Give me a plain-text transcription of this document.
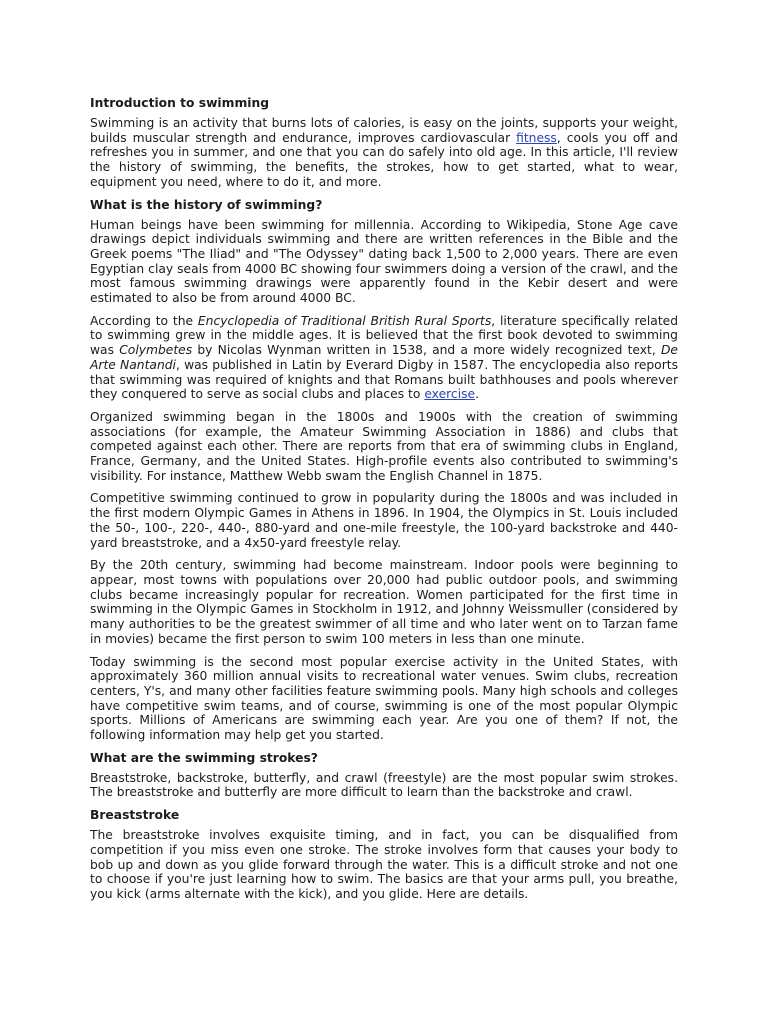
Introduction to swimming

Swimming is an activity that burns lots of calories, is easy on the joints, supports your weight, builds muscular strength and endurance, improves cardiovascular fitness, cools you off and refreshes you in summer, and one that you can do safely into old age. In this article, I'll review the history of swimming, the benefits, the strokes, how to get started, what to wear, equipment you need, where to do it, and more.

What is the history of swimming?

Human beings have been swimming for millennia. According to Wikipedia, Stone Age cave drawings depict individuals swimming and there are written references in the Bible and the Greek poems "The Iliad" and "The Odyssey" dating back 1,500 to 2,000 years. There are even Egyptian clay seals from 4000 BC showing four swimmers doing a version of the crawl, and the most famous swimming drawings were apparently found in the Kebir desert and were estimated to also be from around 4000 BC.

According to the Encyclopedia of Traditional British Rural Sports, literature specifically related to swimming grew in the middle ages. It is believed that the first book devoted to swimming was Colymbetes by Nicolas Wynman written in 1538, and a more widely recognized text, De Arte Nantandi, was published in Latin by Everard Digby in 1587. The encyclopedia also reports that swimming was required of knights and that Romans built bathhouses and pools wherever they conquered to serve as social clubs and places to exercise.

Organized swimming began in the 1800s and 1900s with the creation of swimming associations (for example, the Amateur Swimming Association in 1886) and clubs that competed against each other. There are reports from that era of swimming clubs in England, France, Germany, and the United States. High-profile events also contributed to swimming's visibility. For instance, Matthew Webb swam the English Channel in 1875.

Competitive swimming continued to grow in popularity during the 1800s and was included in the first modern Olympic Games in Athens in 1896. In 1904, the Olympics in St. Louis included the 50-, 100-, 220-, 440-, 880-yard and one-mile freestyle, the 100-yard backstroke and 440-yard breaststroke, and a 4x50-yard freestyle relay.

By the 20th century, swimming had become mainstream. Indoor pools were beginning to appear, most towns with populations over 20,000 had public outdoor pools, and swimming clubs became increasingly popular for recreation. Women participated for the first time in swimming in the Olympic Games in Stockholm in 1912, and Johnny Weissmuller (considered by many authorities to be the greatest swimmer of all time and who later went on to Tarzan fame in movies) became the first person to swim 100 meters in less than one minute.

Today swimming is the second most popular exercise activity in the United States, with approximately 360 million annual visits to recreational water venues. Swim clubs, recreation centers, Y's, and many other facilities feature swimming pools. Many high schools and colleges have competitive swim teams, and of course, swimming is one of the most popular Olympic sports. Millions of Americans are swimming each year. Are you one of them? If not, the following information may help get you started.

What are the swimming strokes?

Breaststroke, backstroke, butterfly, and crawl (freestyle) are the most popular swim strokes. The breaststroke and butterfly are more difficult to learn than the backstroke and crawl.

Breaststroke

The breaststroke involves exquisite timing, and in fact, you can be disqualified from competition if you miss even one stroke. The stroke involves form that causes your body to bob up and down as you glide forward through the water. This is a difficult stroke and not one to choose if you're just learning how to swim. The basics are that your arms pull, you breathe, you kick (arms alternate with the kick), and you glide. Here are details.
